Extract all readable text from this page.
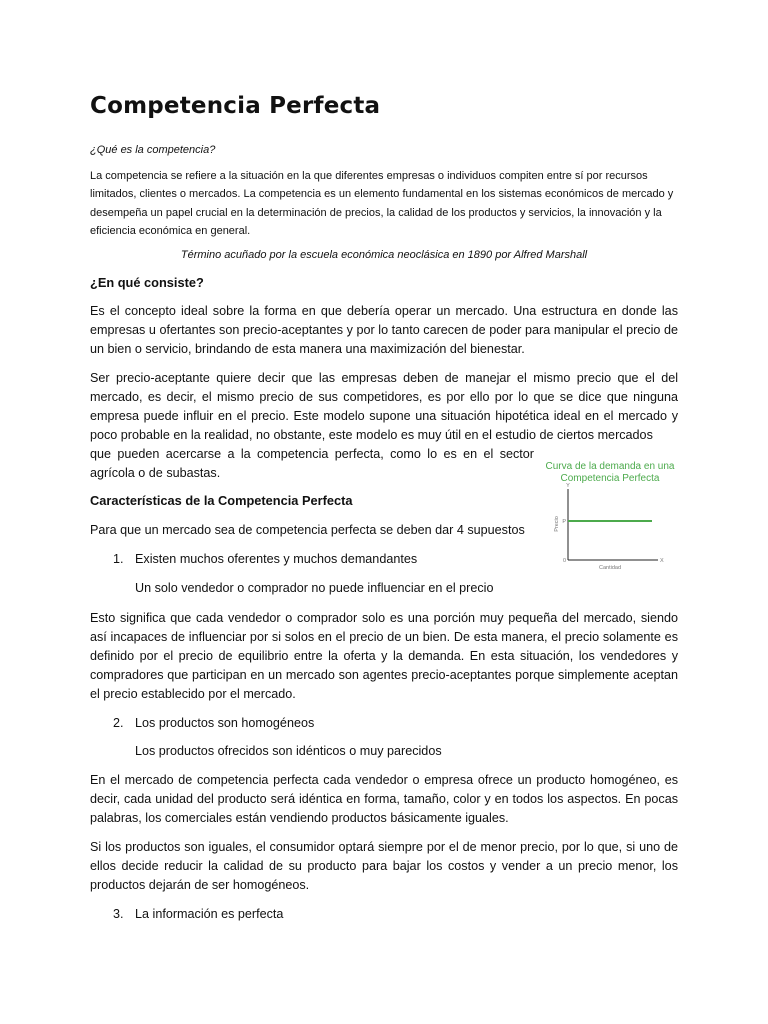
Competencia Perfecta

¿Qué es la competencia?

La competencia se refiere a la situación en la que diferentes empresas o individuos compiten entre sí por recursos limitados, clientes o mercados. La competencia es un elemento fundamental en los sistemas económicos de mercado y desempeña un papel crucial en la determinación de precios, la calidad de los productos y servicios, la innovación y la eficiencia económica en general.

Término acuñado por la escuela económica neoclásica en 1890 por Alfred Marshall

¿En qué consiste?

Es el concepto ideal sobre la forma en que debería operar un mercado. Una estructura en donde las empresas u ofertantes son precio-aceptantes y por lo tanto carecen de poder para manipular el precio de un bien o servicio, brindando de esta manera una maximización del bienestar.

Ser precio-aceptante quiere decir que las empresas deben de manejar el mismo precio que el del mercado, es decir, el mismo precio de sus competidores, es por ello por lo que se dice que ninguna empresa puede influir en el precio. Este modelo supone una situación hipotética ideal en el mercado y poco probable en la realidad, no obstante, este modelo es muy útil en el estudio de ciertos mercados

que pueden acercarse a la competencia perfecta, como lo es en el sector

agrícola o de subastas.

Características de la Competencia Perfecta

Para que un mercado sea de competencia perfecta se deben dar 4 supuestos

1. Existen muchos oferentes y muchos demandantes

Un solo vendedor o comprador no puede influenciar en el precio

Esto significa que cada vendedor o comprador solo es una porción muy pequeña del mercado, siendo así incapaces de influenciar por si solos en el precio de un bien. De esta manera, el precio solamente es definido por el precio de equilibrio entre la oferta y la demanda. En esta situación, los vendedores y compradores que participan en un mercado son agentes precio-aceptantes porque simplemente aceptan el precio establecido por el mercado.

2. Los productos son homogéneos

Los productos ofrecidos son idénticos o muy parecidos

En el mercado de competencia perfecta cada vendedor o empresa ofrece un producto homogéneo, es decir, cada unidad del producto será idéntica en forma, tamaño, color y en todos los aspectos. En pocas palabras, los comerciales están vendiendo productos básicamente iguales.

Si los productos son iguales, el consumidor optará siempre por el de menor precio, por lo que, si uno de ellos decide reducir la calidad de su producto para bajar los costos y vender a un precio menor, los productos dejarán de ser homogéneos.

3. La información es perfecta
Curva de la demanda en una
Competencia Perfecta
Y
X
0
P
Precio
Cantidad
